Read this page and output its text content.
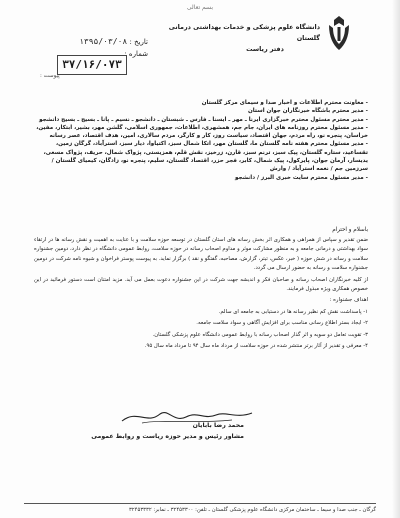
بسم تعالی
دانشگاه علوم پزشکی و خدمات بهداشتی درمانی گلستان
دفتر ریاست
تاریخ : ۱۳۹۵/۰۳/۰۸
شماره :
۳۷/۱۶/۰۷۳
پیوست :
- معاونت محترم اطلاعات و اخبار صدا و سیمای مرکز گلستان
- مدیر محترم باشگاه خبرنگاران جوان استان
- مدیر محترم مسئول محترم خبرگزاری ایرنا ـ مهر ـ ایسنا ـ فارس ـ شبستان ـ دانشجو ـ نسیم ـ پانا ـ بسیج ـ بسیج دانشجو
- مدیر مسئول محترم روزنامه های ایران، جام جم، همشهری، اطلاعات، جمهوری اسلامی، گلشن مهر، بشیر، ابتکار، مفین، خراسان، پنجره نو، راه مردم، جهان اقتصاد، سیاست روز، کار و کارگر، مردم سالاری، امین، هدف اقتصاد، عصر رسانه
- مدیر مسئول محترم هفته نامه گلستان ما، گلستان مهر، اتکا شمال سبز، اکتیاوا، دیار سبز، استرآباد، گرگان زمین، تقساعید، ستاره گلستان، پیک سبز، ترنم سبز، قارن، زرخیز، نقش قلم، همزیستی، پژواک شمال، حریف، پژواک مسعی، یدیسار، آرمان جوان، پایرکول، پیک شمال، کابر، فجر حزر، اقتصاد گلستان، سلیم، پنجره نو، زادگان، کیمیای گلستان / سرزمین جم / نغمه استرآباد / وارش
- مدیر مسئول محترم سایت خبری البرز / دانشجو
باسلام و احترام

ضمن تقدیر و سپاس از همراهی و همکاری اثر بخش رسانه های استان گلستان در توسعه حوزه سلامت و با عنایت به اهمیت و نقش رسانه ها در ارتقاء سواد بهداشتی و درمانی جامعه و به منظور مشارکت موثر و مداوم اصحاب رسانه در حوزه سلامت، روابط عمومی دانشگاه در نظر دارد، دومین جشنواره سلامت و رسانه در شش حوزه ( خبر، عکس، تیتر، گزارش، مصاحبه، گفتگو و نقد ) برگزار نماید. به پیوست پوستر فراخوان و شیوه نامه شرکت در دومین جشنواره سلامت و رسانه به حضور ارسال می گردد.

از کلیه خبرنگاران اصحاب رسانه و صاحبان فکر و اندیشه جهت شرکت در این جشنواره دعوت بعمل می آید. مزید امتنان است دستور فرمائید در این خصوص همکاری ویژه مبذول فرمایند.

اهداف جشنواره :

۱- پاسداشت نقش کم نظیر رسانه ها در دستیابی به جامعه ای سالم.

۲- ایجاد بستر اطلاع رسانی مناسب برای افزایش آگاهی و سواد سلامت جامعه.

۳- تقویت تعامل دو سویه و اثر گذار اصحاب رسانه با روابط عمومی دانشگاه علوم پزشکی گلستان.

۴- معرفی و تقدیر از آثار برتر منتشر شده در حوزه سلامت از مرداد ماه سال ۹۴ تا مرداد ماه سال ۹۵.

محمد رضا بابایان
مشاور رئیس و مدیر حوزه ریاست و روابط عمومی
گرگان ـ جنب صدا و سیما ـ ساختمان مرکزی دانشگاه علوم پزشکی گلستان ـ تلفن: ۳۲۴۵۳۳۰۰ ـ نمابر: ۳۲۴۵۳۳۳۲
